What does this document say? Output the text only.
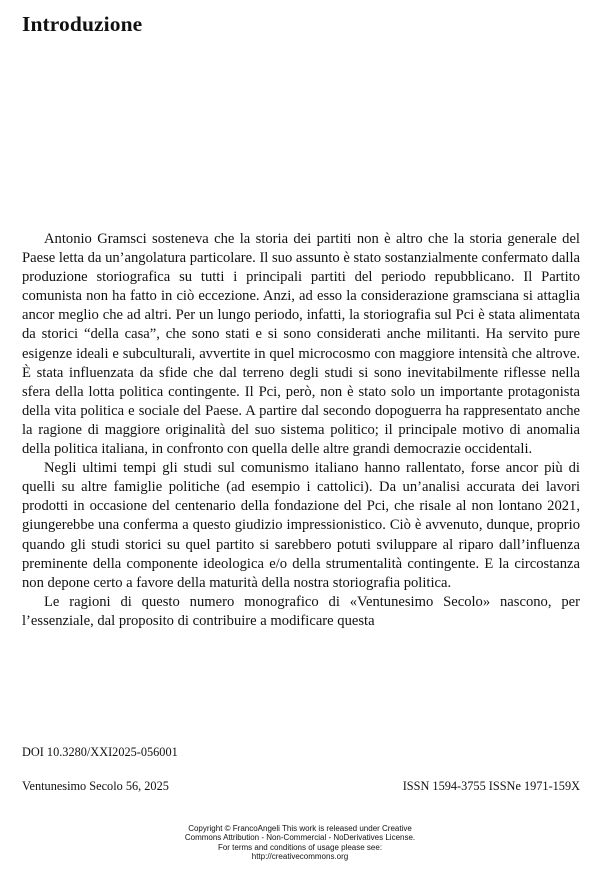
Introduzione

Antonio Gramsci sosteneva che la storia dei partiti non è altro che la storia generale del Paese letta da un’angolatura particolare. Il suo assunto è stato sostanzialmente confermato dalla produzione storiografica su tutti i principali partiti del periodo repubblicano. Il Partito comunista non ha fatto in ciò eccezione. Anzi, ad esso la considerazione gramsciana si attaglia ancor meglio che ad altri. Per un lungo periodo, infatti, la storiografia sul Pci è stata alimentata da storici “della casa”, che sono stati e si sono considerati anche militanti. Ha servito pure esigenze ideali e subculturali, avvertite in quel microcosmo con maggiore intensità che altrove. È stata influenzata da sfide che dal terreno degli studi si sono inevitabilmente riflesse nella sfera della lotta politica contingente. Il Pci, però, non è stato solo un importante protagonista della vita politica e sociale del Paese. A partire dal secondo dopoguerra ha rappresentato anche la ragione di maggiore originalità del suo sistema politico; il principale motivo di anomalia della politica italiana, in confronto con quella delle altre grandi democrazie occidentali.

Negli ultimi tempi gli studi sul comunismo italiano hanno rallentato, forse ancor più di quelli su altre famiglie politiche (ad esempio i cattolici). Da un’analisi accurata dei lavori prodotti in occasione del centenario della fondazione del Pci, che risale al non lontano 2021, giungerebbe una conferma a questo giudizio impressionistico. Ciò è avvenuto, dunque, proprio quando gli studi storici su quel partito si sarebbero potuti sviluppare al riparo dall’influenza preminente della componente ideologica e/o della strumentalità contingente. E la circostanza non depone certo a favore della maturità della nostra storiografia politica.

Le ragioni di questo numero monografico di «Ventunesimo Secolo» nascono, per l’essenziale, dal proposito di contribuire a modificare questa

DOI 10.3280/XXI2025-056001
Ventunesimo Secolo 56, 2025	ISSN 1594-3755 ISSNe 1971-159X
Copyright © FrancoAngeli This work is released under Creative
Commons Attribution - Non-Commercial - NoDerivatives License.
For terms and conditions of usage please see:
http://creativecommons.org
